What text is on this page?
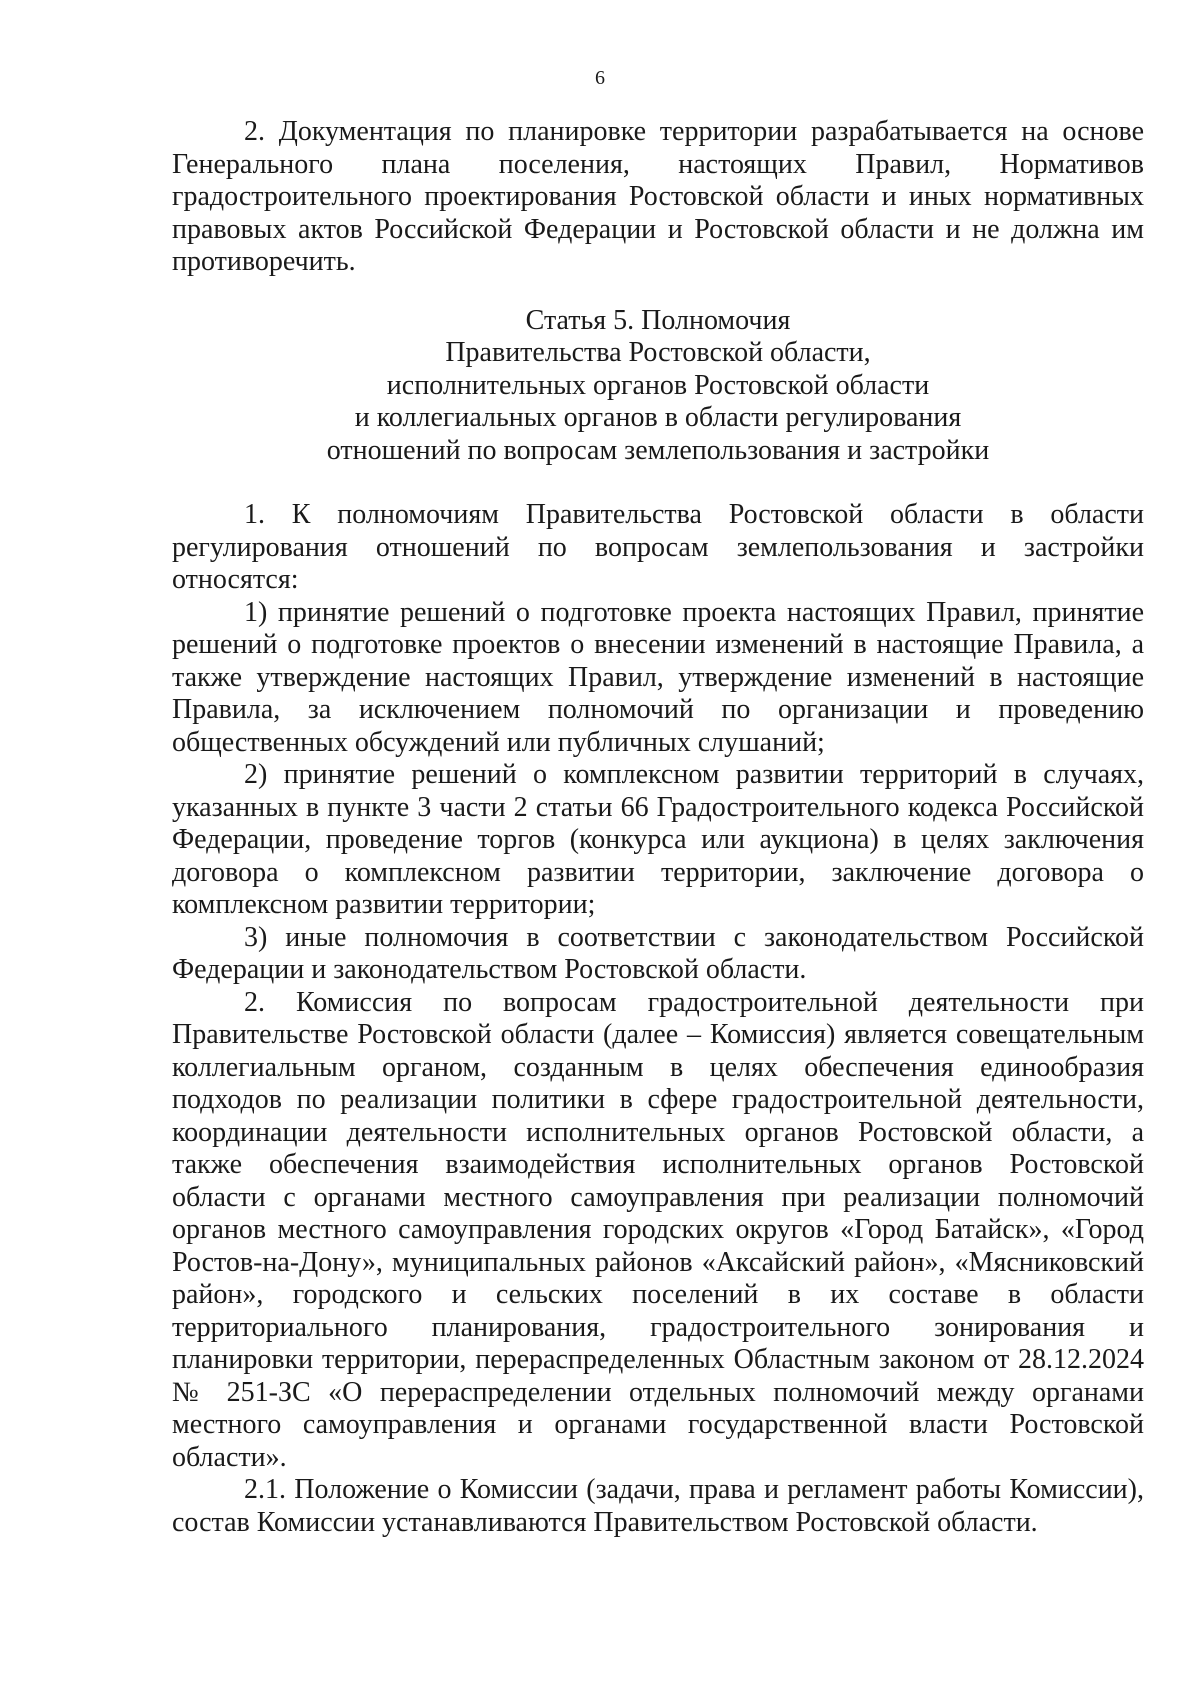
6

2. Документация по планировке территории разрабатывается на основе Генерального плана поселения, настоящих Правил, Нормативов градостроительного проектирования Ростовской области и иных нормативных правовых актов Российской Федерации и Ростовской области и не должна им противоречить.

Статья 5. Полномочия
Правительства Ростовской области,
исполнительных органов Ростовской области
и коллегиальных органов в области регулирования
отношений по вопросам землепользования и застройки

1. К полномочиям Правительства Ростовской области в области регулирования отношений по вопросам землепользования и застройки относятся:

1) принятие решений о подготовке проекта настоящих Правил, принятие решений о подготовке проектов о внесении изменений в настоящие Правила, а также утверждение настоящих Правил, утверждение изменений в настоящие Правила, за исключением полномочий по организации и проведению общественных обсуждений или публичных слушаний;

2) принятие решений о комплексном развитии территорий в случаях, указанных в пункте 3 части 2 статьи 66 Градостроительного кодекса Российской Федерации, проведение торгов (конкурса или аукциона) в целях заключения договора о комплексном развитии территории, заключение договора о комплексном развитии территории;

3) иные полномочия в соответствии с законодательством Российской Федерации и законодательством Ростовской области.

2. Комиссия по вопросам градостроительной деятельности при Правительстве Ростовской области (далее – Комиссия) является совещательным коллегиальным органом, созданным в целях обеспечения единообразия подходов по реализации политики в сфере градостроительной деятельности, координации деятельности исполнительных органов Ростовской области, а также обеспечения взаимодействия исполнительных органов Ростовской области с органами местного самоуправления при реализации полномочий органов местного самоуправления городских округов «Город Батайск», «Город Ростов-на-Дону», муниципальных районов «Аксайский район», «Мясниковский район», городского и сельских поселений в их составе в области территориального планирования, градостроительного зонирования и планировки территории, перераспределенных Областным законом от 28.12.2024 № 251-ЗС «О перераспределении отдельных полномочий между органами местного самоуправления и органами государственной власти Ростовской области».

2.1. Положение о Комиссии (задачи, права и регламент работы Комиссии), состав Комиссии устанавливаются Правительством Ростовской области.
